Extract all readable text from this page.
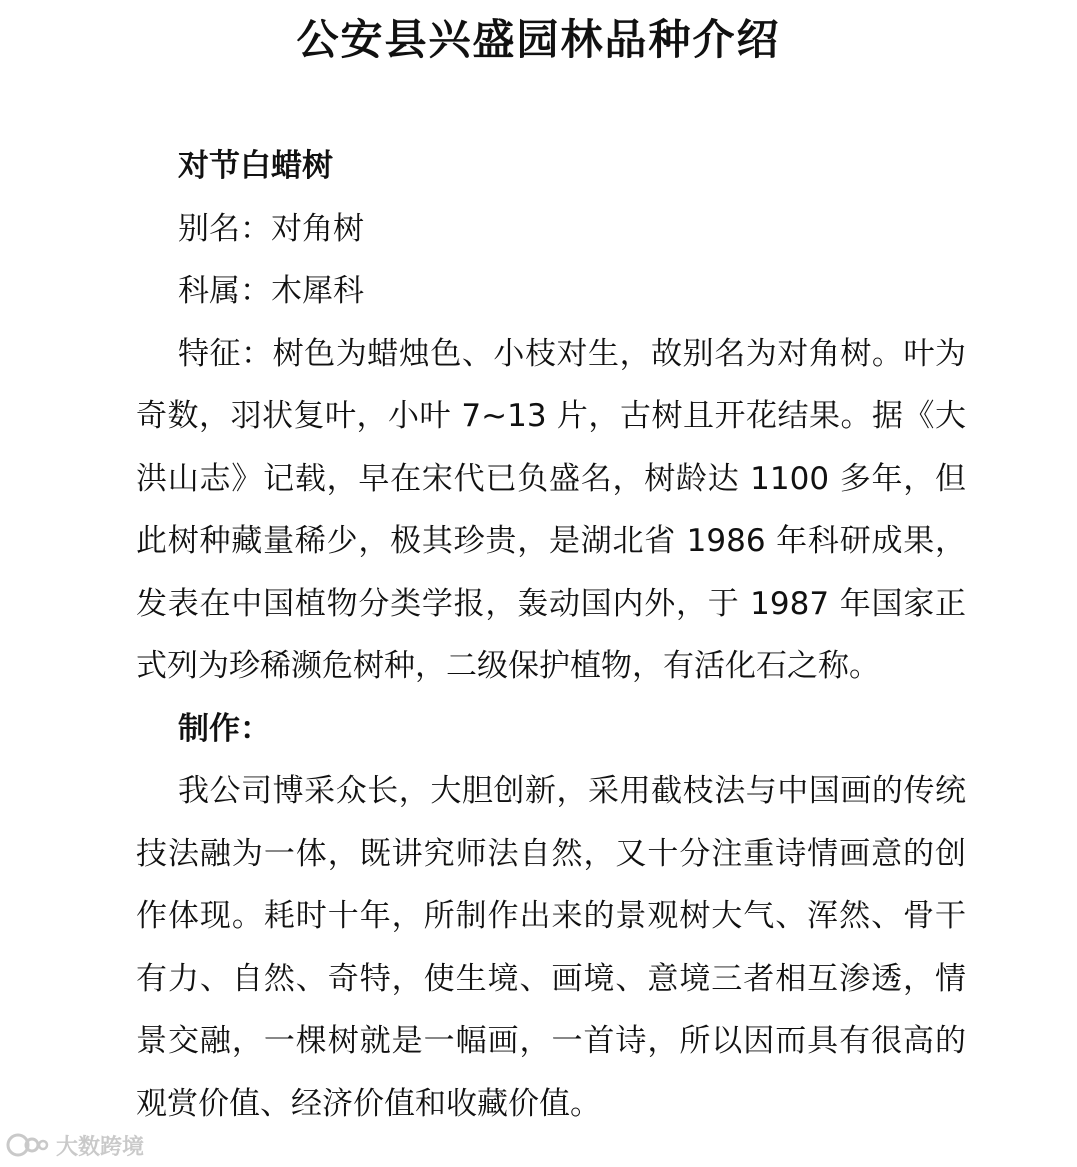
公安县兴盛园林品种介绍

对节白蜡树

别名：对角树

科属：木犀科

特征：树色为蜡烛色、小枝对生，故别名为对角树。叶为奇数，羽状复叶，小叶 7~13 片，古树且开花结果。据《大洪山志》记载，早在宋代已负盛名，树龄达 1100 多年，但此树种藏量稀少，极其珍贵，是湖北省 1986 年科研成果，发表在中国植物分类学报，轰动国内外，于 1987 年国家正式列为珍稀濒危树种，二级保护植物，有活化石之称。

制作：

我公司博采众长，大胆创新，采用截枝法与中国画的传统技法融为一体，既讲究师法自然，又十分注重诗情画意的创作体现。耗时十年，所制作出来的景观树大气、浑然、骨干有力、自然、奇特，使生境、画境、意境三者相互渗透，情景交融，一棵树就是一幅画，一首诗，所以因而具有很高的观赏价值、经济价值和收藏价值。

大数跨境
